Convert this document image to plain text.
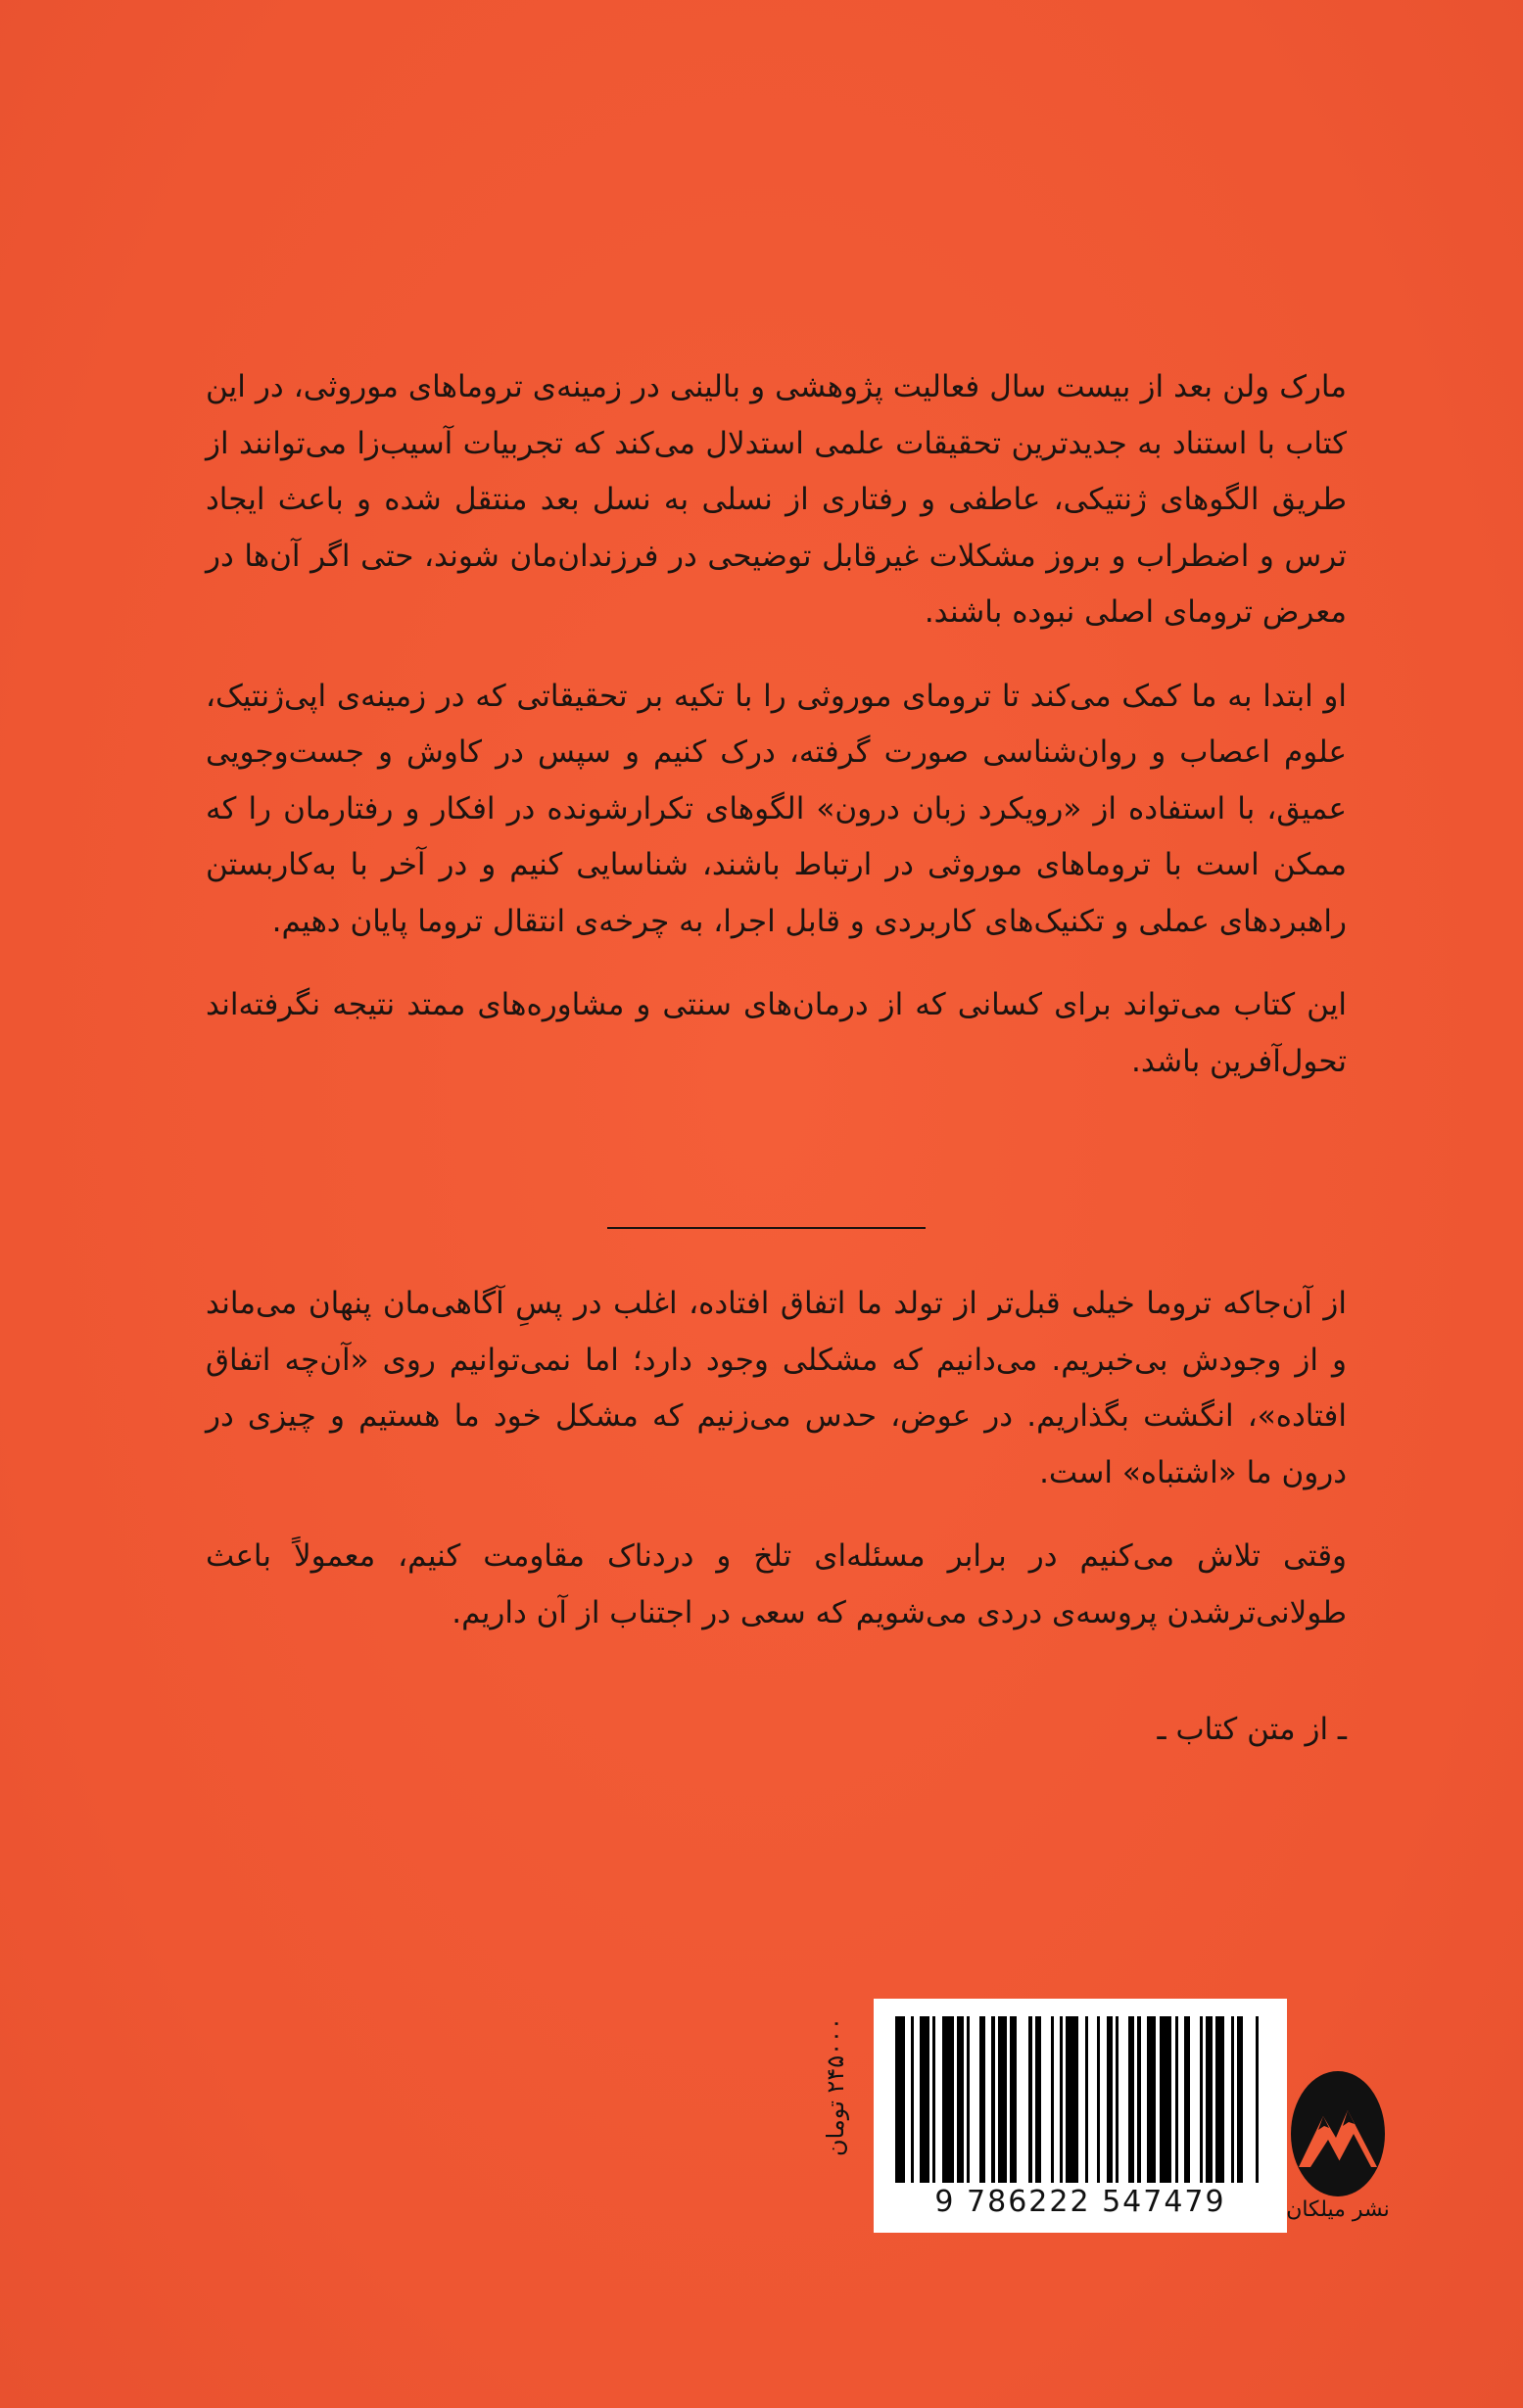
مارک ولن بعد از بیست سال فعالیت پژوهشی و بالینی در زمینه‌ی تروماهای موروثی، در این کتاب با استناد به جدیدترین تحقیقات علمی استدلال می‌کند که تجربیات آسیب‌زا می‌توانند از طریق الگوهای ژنتیکی، عاطفی و رفتاری از نسلی به نسل بعد منتقل شده و باعث ایجاد ترس و اضطراب و بروز مشکلات غیرقابل توضیحی در فرزندان‌مان شوند، حتی اگر آن‌ها در معرض ترومای اصلی نبوده باشند.

او ابتدا به ما کمک می‌کند تا ترومای موروثی را با تکیه بر تحقیقاتی که در زمینه‌ی اپی‌ژنتیک، علوم اعصاب و روان‌شناسی صورت گرفته، درک کنیم و سپس در کاوش و جست‌وجویی عمیق، با استفاده از «رویکرد زبان درون» الگوهای تکرارشونده در افکار و رفتارمان را که ممکن است با تروماهای موروثی در ارتباط باشند، شناسایی کنیم و در آخر با به‌کاربستن راهبردهای عملی و تکنیک‌های کاربردی و قابل اجرا، به چرخه‌ی انتقال تروما پایان دهیم.

این کتاب می‌تواند برای کسانی که از درمان‌های سنتی و مشاوره‌های ممتد نتیجه نگرفته‌اند تحول‌آفرین باشد.

از آن‌جاکه تروما خیلی قبل‌تر از تولد ما اتفاق افتاده، اغلب در پسِ آگاهی‌مان پنهان می‌ماند و از وجودش بی‌خبریم. می‌دانیم که مشکلی وجود دارد؛ اما نمی‌توانیم روی «آن‌چه اتفاق افتاده»، انگشت بگذاریم. در عوض، حدس می‌زنیم که مشکل خود ما هستیم و چیزی در درون ما «اشتباه» است.

وقتی تلاش می‌کنیم در برابر مسئله‌ای تلخ و دردناک مقاومت کنیم، معمولاً باعث طولانی‌ترشدن پروسه‌ی دردی می‌شویم که سعی در اجتناب از آن داریم.

ـ از متن کتاب ـ
۲۴۵۰۰۰ تومان
9 786222 547479	نشر میلکان
